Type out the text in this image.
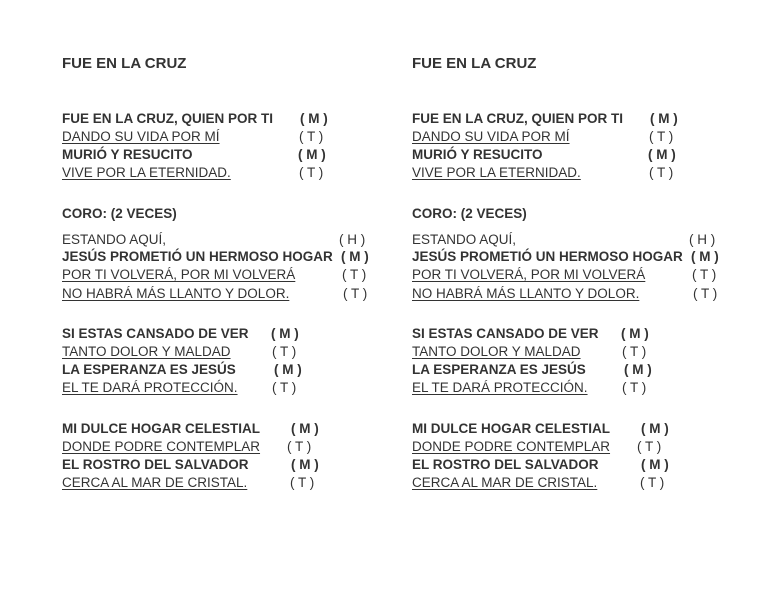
FUE EN LA CRUZ
FUE EN LA CRUZ, QUIEN POR TI ( M )
DANDO SU VIDA POR MÍ	( T )
MURIÓ Y RESUCITO	( M )
VIVE POR LA ETERNIDAD.	( T )
CORO: (2 VECES)
ESTANDO AQUÍ,	( H )
JESÚS PROMETIÓ UN HERMOSO HOGAR ( M )
POR TI VOLVERÁ, POR MI VOLVERÁ	( T )
NO HABRÁ MÁS LLANTO Y DOLOR.	( T )
SI ESTAS CANSADO DE VER ( M )
TANTO DOLOR Y MALDAD	( T )
LA ESPERANZA ES JESÚS	( M )
EL TE DARÁ PROTECCIÓN.	( T )
MI DULCE HOGAR CELESTIAL ( M )
DONDE PODRE CONTEMPLAR ( T )
EL ROSTRO DEL SALVADOR	( M )
CERCA AL MAR DE CRISTAL.	( T )
FUE EN LA CRUZ
FUE EN LA CRUZ, QUIEN POR TI ( M )
DANDO SU VIDA POR MÍ	( T )
MURIÓ Y RESUCITO	( M )
VIVE POR LA ETERNIDAD.	( T )
CORO: (2 VECES)
ESTANDO AQUÍ,	( H )
JESÚS PROMETIÓ UN HERMOSO HOGAR ( M )
POR TI VOLVERÁ, POR MI VOLVERÁ	( T )
NO HABRÁ MÁS LLANTO Y DOLOR.	( T )
SI ESTAS CANSADO DE VER ( M )
TANTO DOLOR Y MALDAD	( T )
LA ESPERANZA ES JESÚS	( M )
EL TE DARÁ PROTECCIÓN.	( T )
MI DULCE HOGAR CELESTIAL ( M )
DONDE PODRE CONTEMPLAR ( T )
EL ROSTRO DEL SALVADOR	( M )
CERCA AL MAR DE CRISTAL.	( T )
